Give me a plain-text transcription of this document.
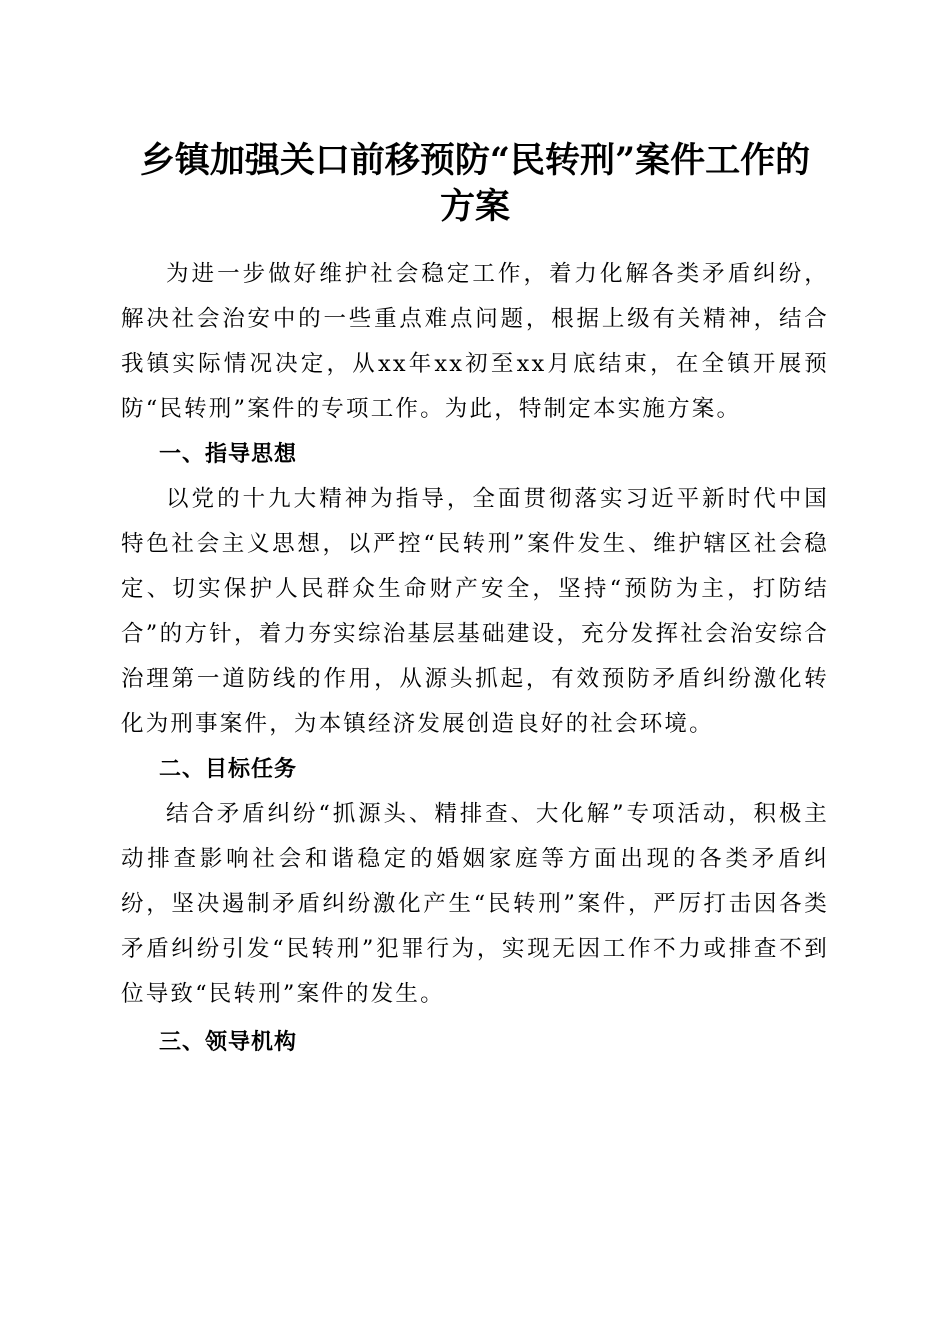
乡镇加强关口前移预防“民转刑”案件工作的
方案

为进一步做好维护社会稳定工作，着力化解各类矛盾纠纷，解决社会治安中的一些重点难点问题，根据上级有关精神，结合我镇实际情况决定，从xx年xx初至xx月底结束，在全镇开展预防“民转刑”案件的专项工作。为此，特制定本实施方案。

一、指导思想

以党的十九大精神为指导，全面贯彻落实习近平新时代中国特色社会主义思想，以严控“民转刑”案件发生、维护辖区社会稳定、切实保护人民群众生命财产安全，坚持“预防为主，打防结合”的方针，着力夯实综治基层基础建设，充分发挥社会治安综合治理第一道防线的作用，从源头抓起，有效预防矛盾纠纷激化转化为刑事案件，为本镇经济发展创造良好的社会环境。

二、目标任务

结合矛盾纠纷“抓源头、精排查、大化解”专项活动，积极主动排查影响社会和谐稳定的婚姻家庭等方面出现的各类矛盾纠纷，坚决遏制矛盾纠纷激化产生“民转刑”案件，严厉打击因各类矛盾纠纷引发“民转刑”犯罪行为，实现无因工作不力或排查不到位导致“民转刑”案件的发生。

三、领导机构
